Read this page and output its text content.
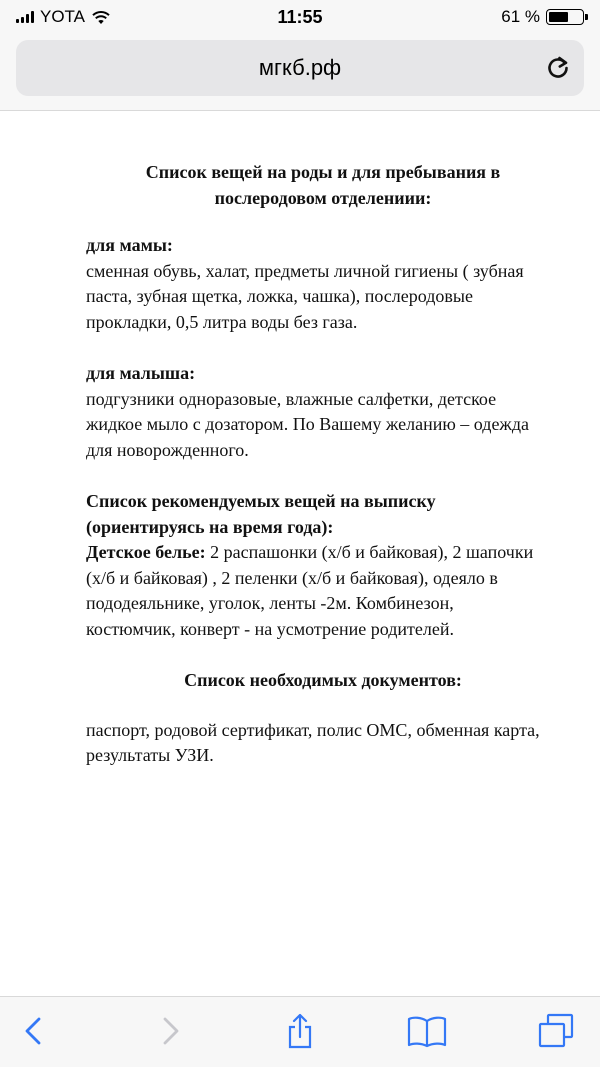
YOTA	11:55	61 %
мгкб.рф
Список вещей на роды и для пребывания в послеродовом отделениии:
для мамы:
сменная обувь, халат, предметы личной гигиены ( зубная паста, зубная щетка, ложка, чашка), послеродовые прокладки, 0,5 литра воды без газа.
для малыша:
подгузники одноразовые, влажные салфетки, детское жидкое мыло с дозатором. По Вашему желанию – одежда для новорожденного.
Список рекомендуемых вещей на выписку (ориентируясь на время года):
Детское белье: 2 распашонки (х/б и байковая), 2 шапочки (х/б и байковая) , 2 пеленки (х/б и байковая), одеяло в пододеяльнике, уголок, ленты -2м. Комбинезон, костюмчик, конверт - на усмотрение родителей.
Список необходимых документов:
паспорт, родовой сертификат, полис ОМС, обменная карта, результаты УЗИ.
